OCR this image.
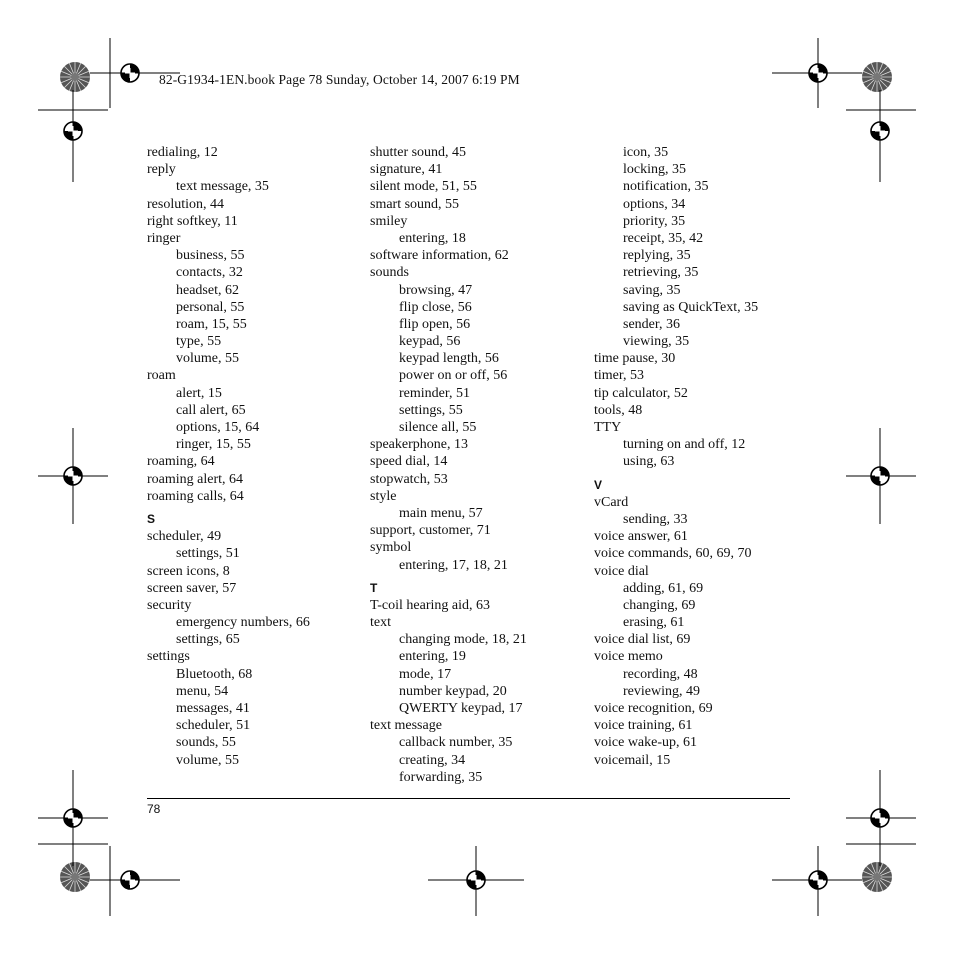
82-G1934-1EN.book Page 78 Sunday, October 14, 2007 6:19 PM
redialing, 12
reply
text message, 35
resolution, 44
right softkey, 11
ringer
business, 55
contacts, 32
headset, 62
personal, 55
roam, 15, 55
type, 55
volume, 55
roam
alert, 15
call alert, 65
options, 15, 64
ringer, 15, 55
roaming, 64
roaming alert, 64
roaming calls, 64
S
scheduler, 49
settings, 51
screen icons, 8
screen saver, 57
security
emergency numbers, 66
settings, 65
settings
Bluetooth, 68
menu, 54
messages, 41
scheduler, 51
sounds, 55
volume, 55
shutter sound, 45
signature, 41
silent mode, 51, 55
smart sound, 55
smiley
entering, 18
software information, 62
sounds
browsing, 47
flip close, 56
flip open, 56
keypad, 56
keypad length, 56
power on or off, 56
reminder, 51
settings, 55
silence all, 55
speakerphone, 13
speed dial, 14
stopwatch, 53
style
main menu, 57
support, customer, 71
symbol
entering, 17, 18, 21
T
T-coil hearing aid, 63
text
changing mode, 18, 21
entering, 19
mode, 17
number keypad, 20
QWERTY keypad, 17
text message
callback number, 35
creating, 34
forwarding, 35
icon, 35
locking, 35
notification, 35
options, 34
priority, 35
receipt, 35, 42
replying, 35
retrieving, 35
saving, 35
saving as QuickText, 35
sender, 36
viewing, 35
time pause, 30
timer, 53
tip calculator, 52
tools, 48
TTY
turning on and off, 12
using, 63
V
vCard
sending, 33
voice answer, 61
voice commands, 60, 69, 70
voice dial
adding, 61, 69
changing, 69
erasing, 61
voice dial list, 69
voice memo
recording, 48
reviewing, 49
voice recognition, 69
voice training, 61
voice wake-up, 61
voicemail, 15
78
